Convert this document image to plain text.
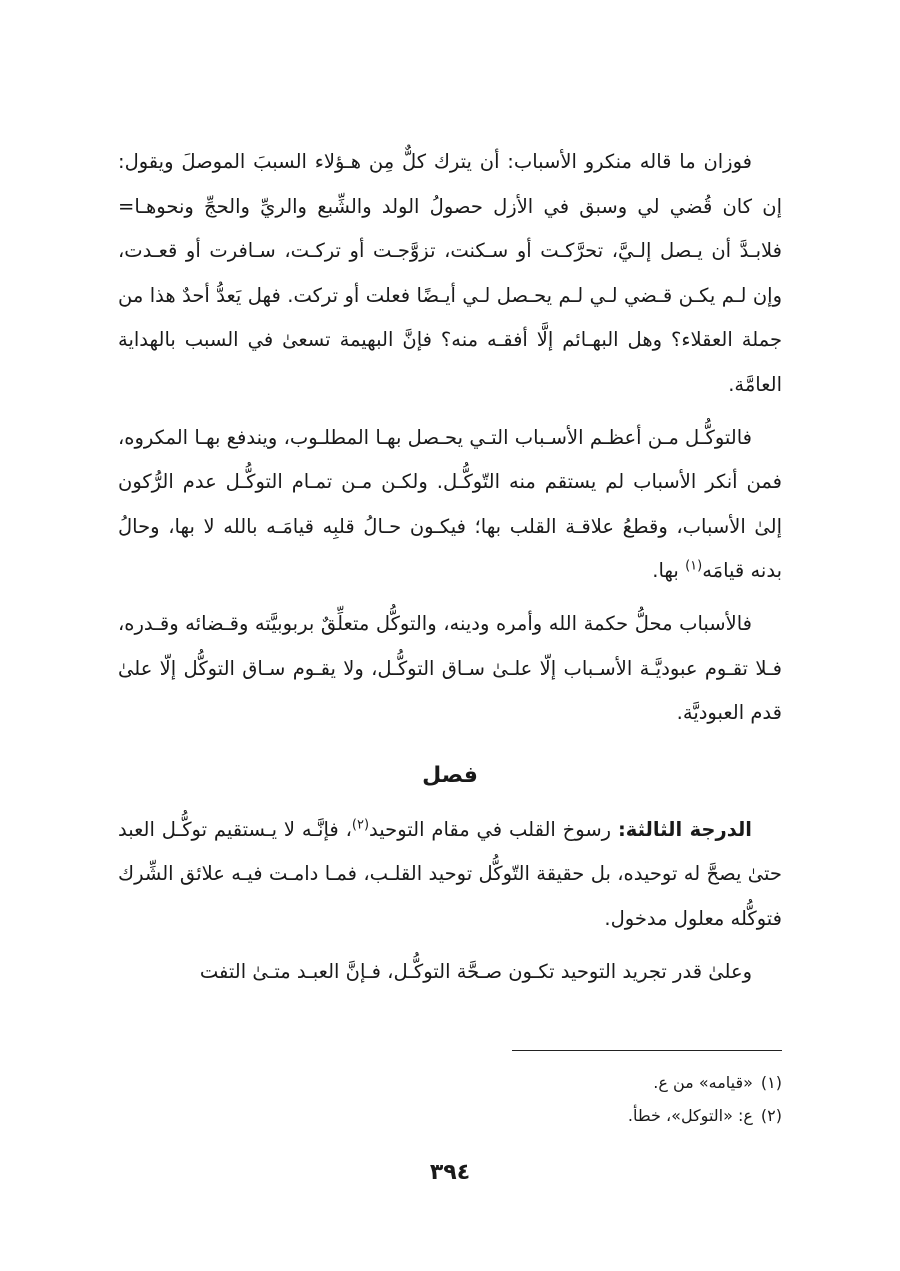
فوزان ما قاله منكرو الأسباب: أن يترك كلٌّ مِن هـؤلاء السببَ الموصلَ ويقول: إن كان قُضي لي وسبق في الأزل حصولُ الولد والشِّبع والريِّ والحجِّ ونحوهـا= فلابـدَّ أن يـصل إلـيَّ، تحرَّكـت أو سـكنت، تزوَّجـت أو تركـت، سـافرت أو قعـدت، وإن لـم يكـن قـضي لـي لـم يحـصل لـي أيـضًا فعلت أو تركت. فهل يَعدُّ أحدٌ هذا من جملة العقلاء؟ وهل البهـائم إلَّا أفقـه منه؟ فإنَّ البهيمة تسعىٰ في السبب بالهداية العامَّة.

فالتوكُّـل مـن أعظـم الأسـباب التـي يحـصل بهـا المطلـوب، ويندفع بهـا المكروه، فمن أنكر الأسباب لم يستقم منه التّوكُّـل. ولكـن مـن تمـام التوكُّـل عدم الرُّكون إلىٰ الأسباب، وقطعُ علاقـة القلب بها؛ فيكـون حـالُ قلبِه قيامَـه بالله لا بها، وحالُ بدنه قيامَه$^{(١)}$ بها.

فالأسباب محلُّ حكمة الله وأمره ودينه، والتوكُّل متعلِّقٌ بربوبيَّته وقـضائه وقـدره، فـلا تقـوم عبوديَّـة الأسـباب إلّا علـىٰ سـاق التوكُّـل، ولا يقـوم سـاق التوكُّل إلّا علىٰ قدم العبوديَّة.

فصل

الدرجة الثالثة: رسوخ القلب في مقام التوحيد$^{(٢)}$، فإنَّـه لا يـستقيم توكُّـل العبد حتىٰ يصحَّ له توحيده، بل حقيقة التّوكُّل توحيد القلـب، فمـا دامـت فيـه علائق الشِّرك فتوكُّله معلول مدخول.

وعلىٰ قدر تجريد التوحيد تكـون صـحَّة التوكُّـل، فـإنَّ العبـد متـىٰ التفت

(١)«قيامه» من ع.

(٢)ع: «التوكل»، خطأ.

٣٩٤
